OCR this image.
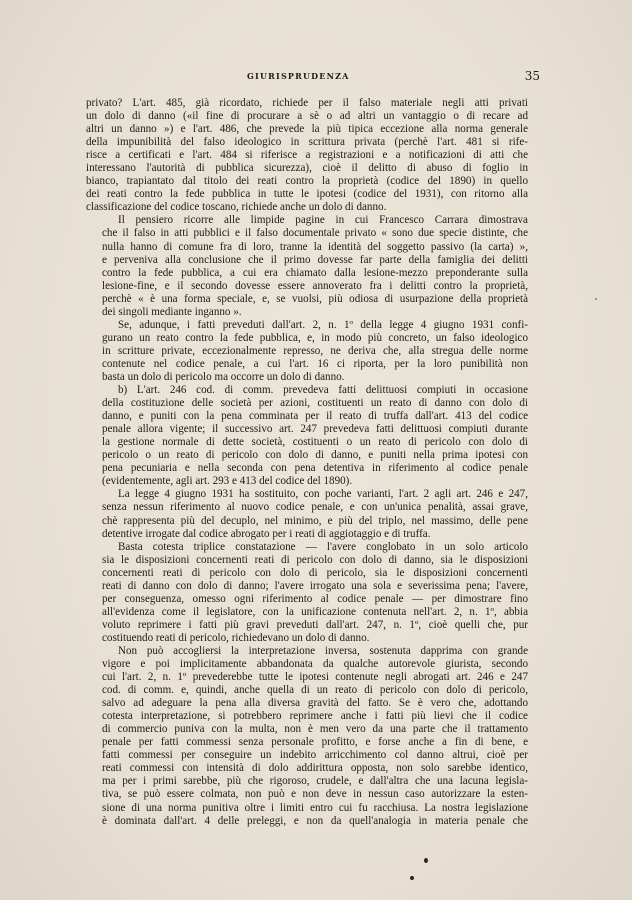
GIURISPRUDENZA	35

privato? L'art. 485, già ricordato, richiede per il falso materiale negli atti privati
un dolo di danno («il fine di procurare a sè o ad altri un vantaggio o di recare ad
altri un danno ») e l'art. 486, che prevede la più tipica eccezione alla norma generale
della impunibilità del falso ideologico in scrittura privata (perchè l'art. 481 si rife-
risce a certificati e l'art. 484 si riferisce a registrazioni e a notificazioni di atti che
interessano l'autorità di pubblica sicurezza), cioè il delitto di abuso di foglio in
bianco, trapiantato dal titolo dei reati contro la proprietà (codice del 1890) in quello
dei reati contro la fede pubblica in tutte le ipotesi (codice del 1931), con ritorno alla
classificazione del codice toscano, richiede anche un dolo di danno.

Il pensiero ricorre alle limpide pagine in cui Francesco Carrara dimostrava
che il falso in atti pubblici e il falso documentale privato « sono due specie distinte, che
nulla hanno di comune fra di loro, tranne la identità del soggetto passivo (la carta) »,
e perveniva alla conclusione che il primo dovesse far parte della famiglia dei delitti
contro la fede pubblica, a cui era chiamato dalla lesione-mezzo preponderante sulla
lesione-fine, e il secondo dovesse essere annoverato fra i delitti contro la proprietà,
perchè « è una forma speciale, e, se vuolsi, più odiosa di usurpazione della proprietà
dei singoli mediante inganno ».

Se, adunque, i fatti preveduti dall'art. 2, n. 1º della legge 4 giugno 1931 confi-
gurano un reato contro la fede pubblica, e, in modo più concreto, un falso ideologico
in scritture private, eccezionalmente represso, ne deriva che, alla stregua delle norme
contenute nel codice penale, a cui l'art. 16 ci riporta, per la loro punibilità non
basta un dolo di pericolo ma occorre un dolo di danno.

b) L'art. 246 cod. di comm. prevedeva fatti delittuosi compiuti in occasione
della costituzione delle società per azioni, costituenti un reato di danno con dolo di
danno, e puniti con la pena comminata per il reato di truffa dall'art. 413 del codice
penale allora vigente; il successivo art. 247 prevedeva fatti delittuosi compiuti durante
la gestione normale di dette società, costituenti o un reato di pericolo con dolo di
pericolo o un reato di pericolo con dolo di danno, e puniti nella prima ipotesi con
pena pecuniaria e nella seconda con pena detentiva in riferimento al codice penale
(evidentemente, agli art. 293 e 413 del codice del 1890).

La legge 4 giugno 1931 ha sostituito, con poche varianti, l'art. 2 agli art. 246 e 247,
senza nessun riferimento al nuovo codice penale, e con un'unica penalità, assai grave,
chè rappresenta più del decuplo, nel minimo, e più del triplo, nel massimo, delle pene
detentive irrogate dal codice abrogato per i reati di aggiotaggio e di truffa.

Basta cotesta triplice constatazione — l'avere conglobato in un solo articolo
sia le disposizioni concernenti reati di pericolo con dolo di danno, sia le disposizioni
concernenti reati di pericolo con dolo di pericolo, sia le disposizioni concernenti
reati di danno con dolo di danno; l'avere irrogato una sola e severissima pena; l'avere,
per conseguenza, omesso ogni riferimento al codice penale — per dimostrare fino
all'evidenza come il legislatore, con la unificazione contenuta nell'art. 2, n. 1º, abbia
voluto reprimere i fatti più gravi preveduti dall'art. 247, n. 1º, cioè quelli che, pur
costituendo reati di pericolo, richiedevano un dolo di danno.

Non può accogliersi la interpretazione inversa, sostenuta dapprima con grande
vigore e poi implicitamente abbandonata da qualche autorevole giurista, secondo
cui l'art. 2, n. 1º prevederebbe tutte le ipotesi contenute negli abrogati art. 246 e 247
cod. di comm. e, quindi, anche quella di un reato di pericolo con dolo di pericolo,
salvo ad adeguare la pena alla diversa gravità del fatto. Se è vero che, adottando
cotesta interpretazione, si potrebbero reprimere anche i fatti più lievi che il codice
di commercio puniva con la multa, non è men vero da una parte che il trattamento
penale per fatti commessi senza personale profitto, e forse anche a fin di bene, e
fatti commessi per conseguire un indebito arricchimento col danno altrui, cioè per
reati commessi con intensità di dolo addirittura opposta, non solo sarebbe identico,
ma per i primi sarebbe, più che rigoroso, crudele, e dall'altra che una lacuna legisla-
tiva, se può essere colmata, non può e non deve in nessun caso autorizzare la esten-
sione di una norma punitiva oltre i limiti entro cui fu racchiusa. La nostra legislazione
è dominata dall'art. 4 delle preleggi, e non da quell'analogia in materia penale che
